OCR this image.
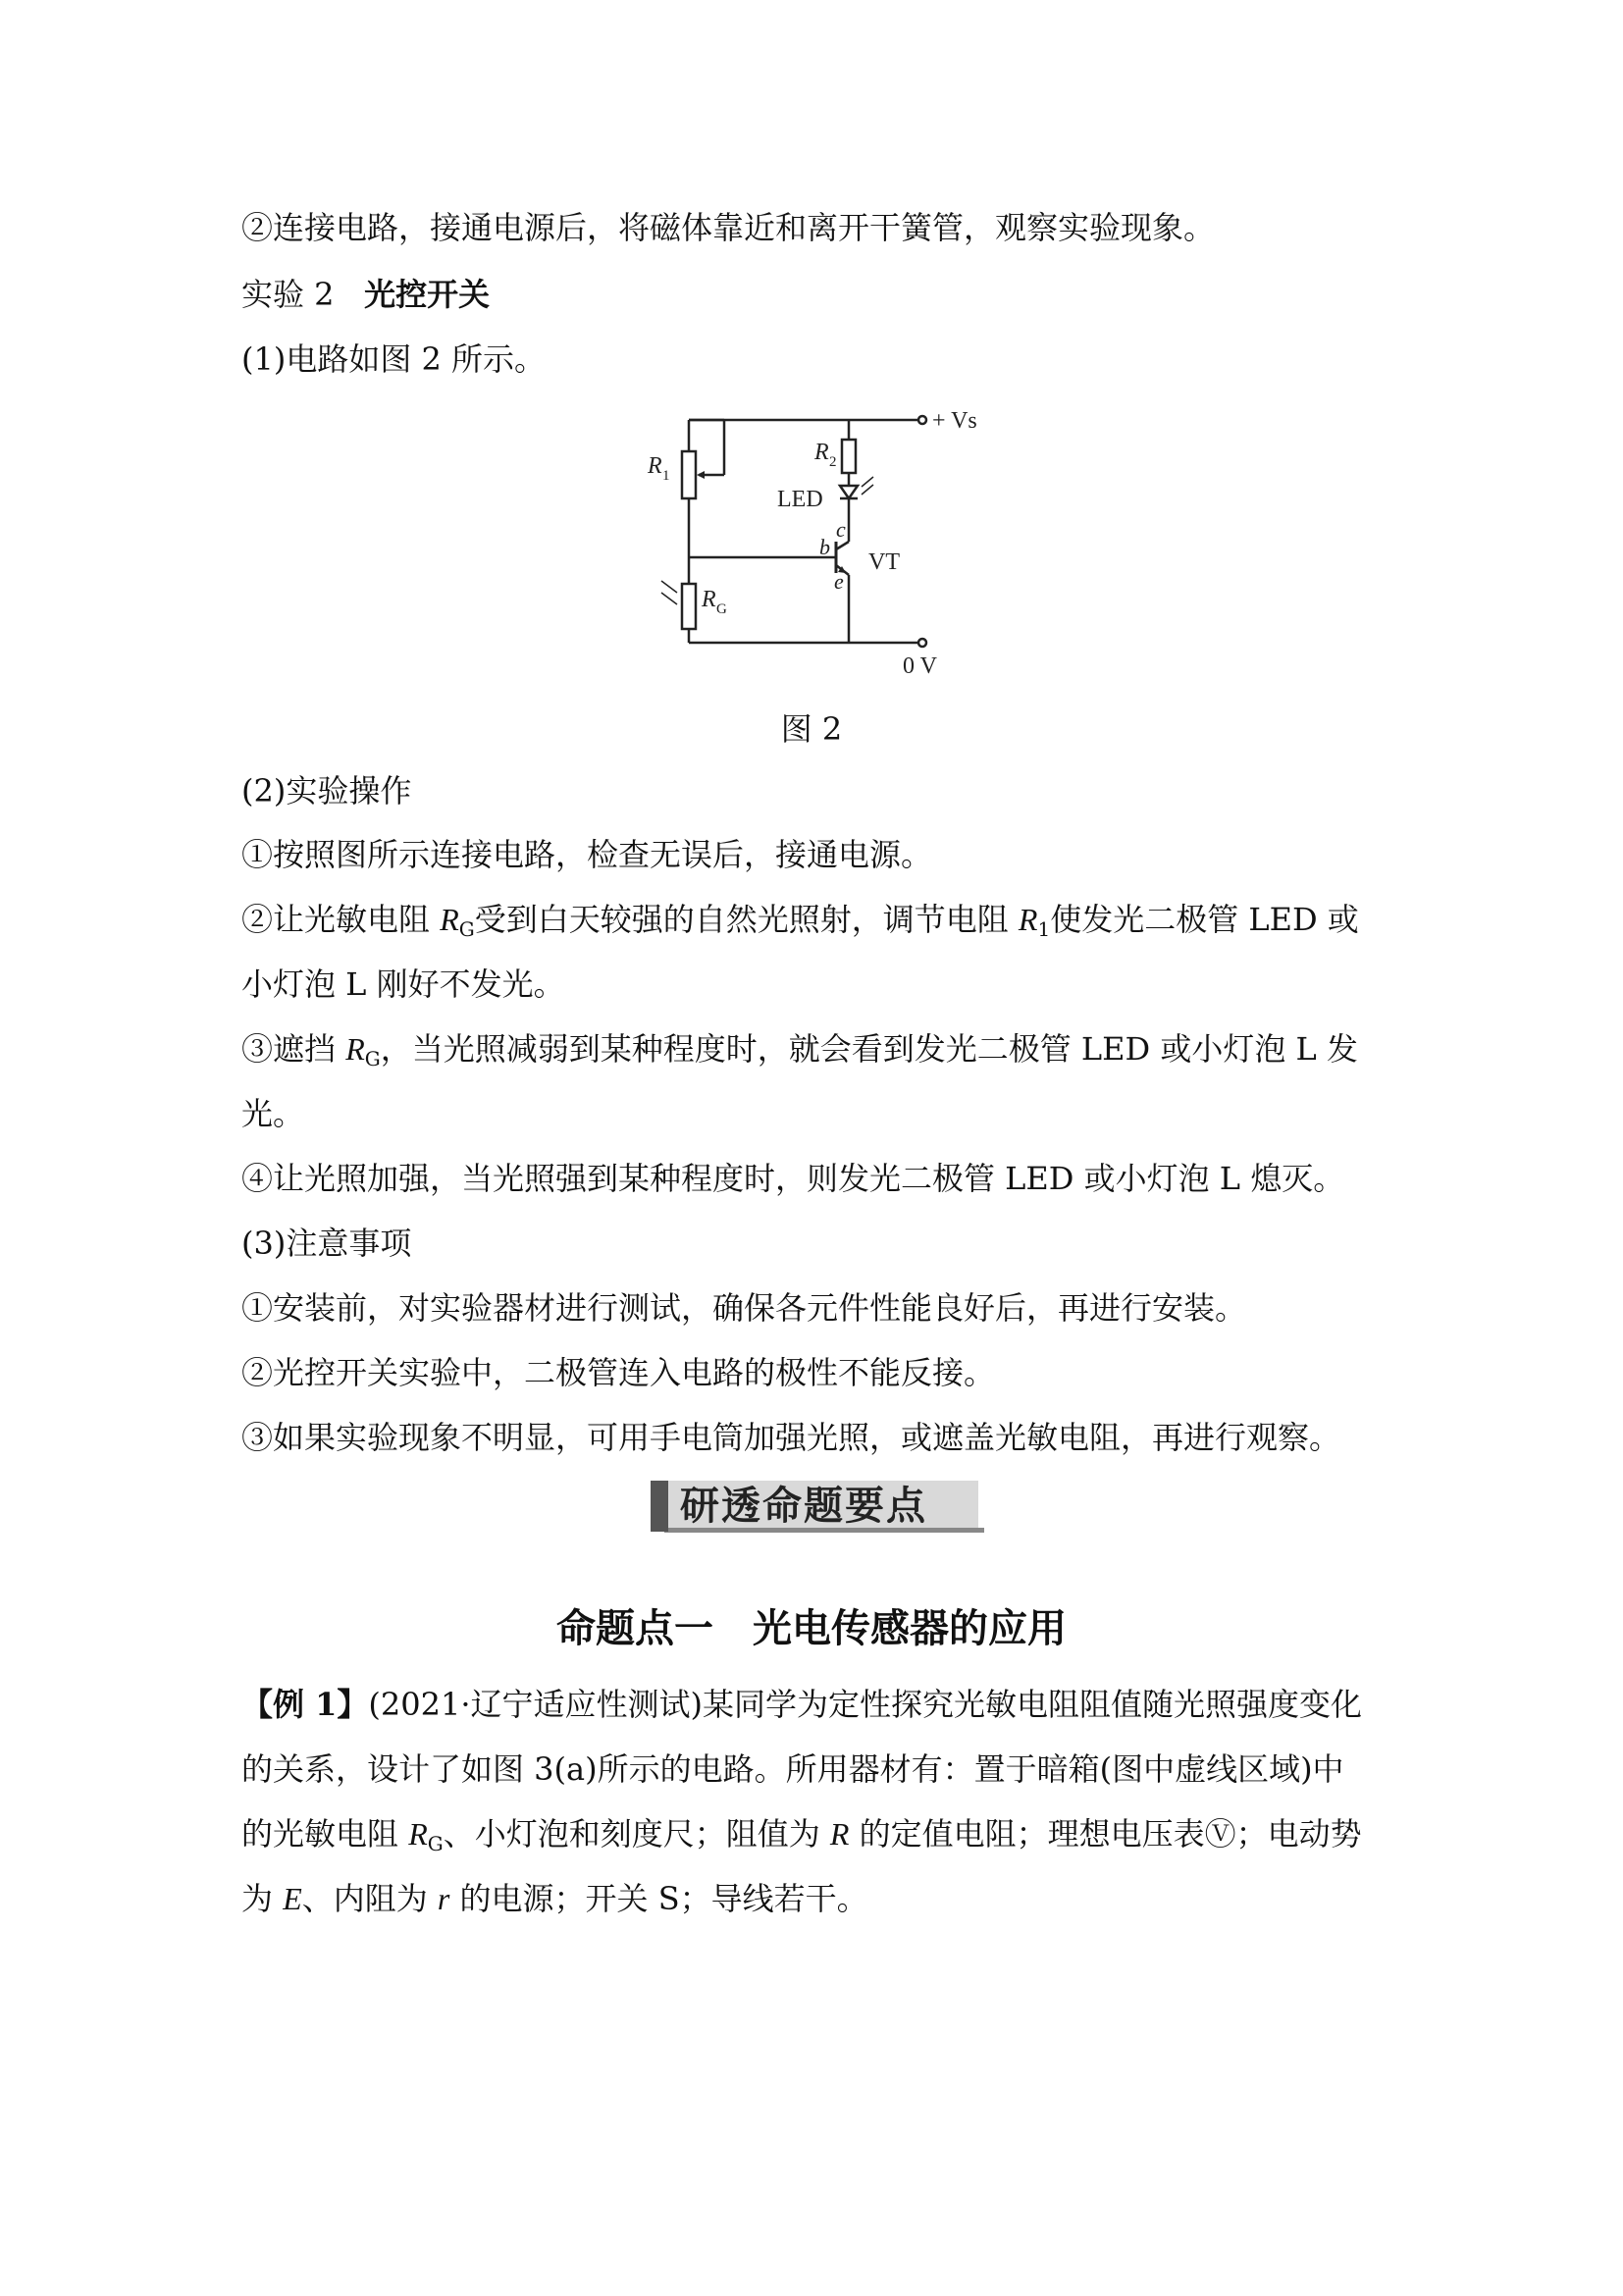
②连接电路，接通电源后，将磁体靠近和离开干簧管，观察实验现象。
实验 2 光控开关
(1)电路如图 2 所示。
+ Vs
0 V
R 1
R 2
R G
LED
VT
b
c
e
图 2
(2)实验操作
①按照图所示连接电路，检查无误后，接通电源。
②让光敏电阻 $R_G$受到白天较强的自然光照射，调节电阻 $R_1$使发光二极管 LED 或
小灯泡 L 刚好不发光。
③遮挡 $R_G$，当光照减弱到某种程度时，就会看到发光二极管 LED 或小灯泡 L 发
光。
④让光照加强，当光照强到某种程度时，则发光二极管 LED 或小灯泡 L 熄灭。
(3)注意事项
①安装前，对实验器材进行测试，确保各元件性能良好后，再进行安装。
②光控开关实验中，二极管连入电路的极性不能反接。
③如果实验现象不明显，可用手电筒加强光照，或遮盖光敏电阻，再进行观察。
研透命题要点
命题点一　光电传感器的应用
【例 1】(2021·辽宁适应性测试)某同学为定性探究光敏电阻阻值随光照强度变化
的关系，设计了如图 3(a)所示的电路。所用器材有：置于暗箱(图中虚线区域)中
的光敏电阻 $R_G$、小灯泡和刻度尺；阻值为 R 的定值电阻；理想电压表Ⓥ；电动势
为 E、内阻为 r 的电源；开关 S；导线若干。
